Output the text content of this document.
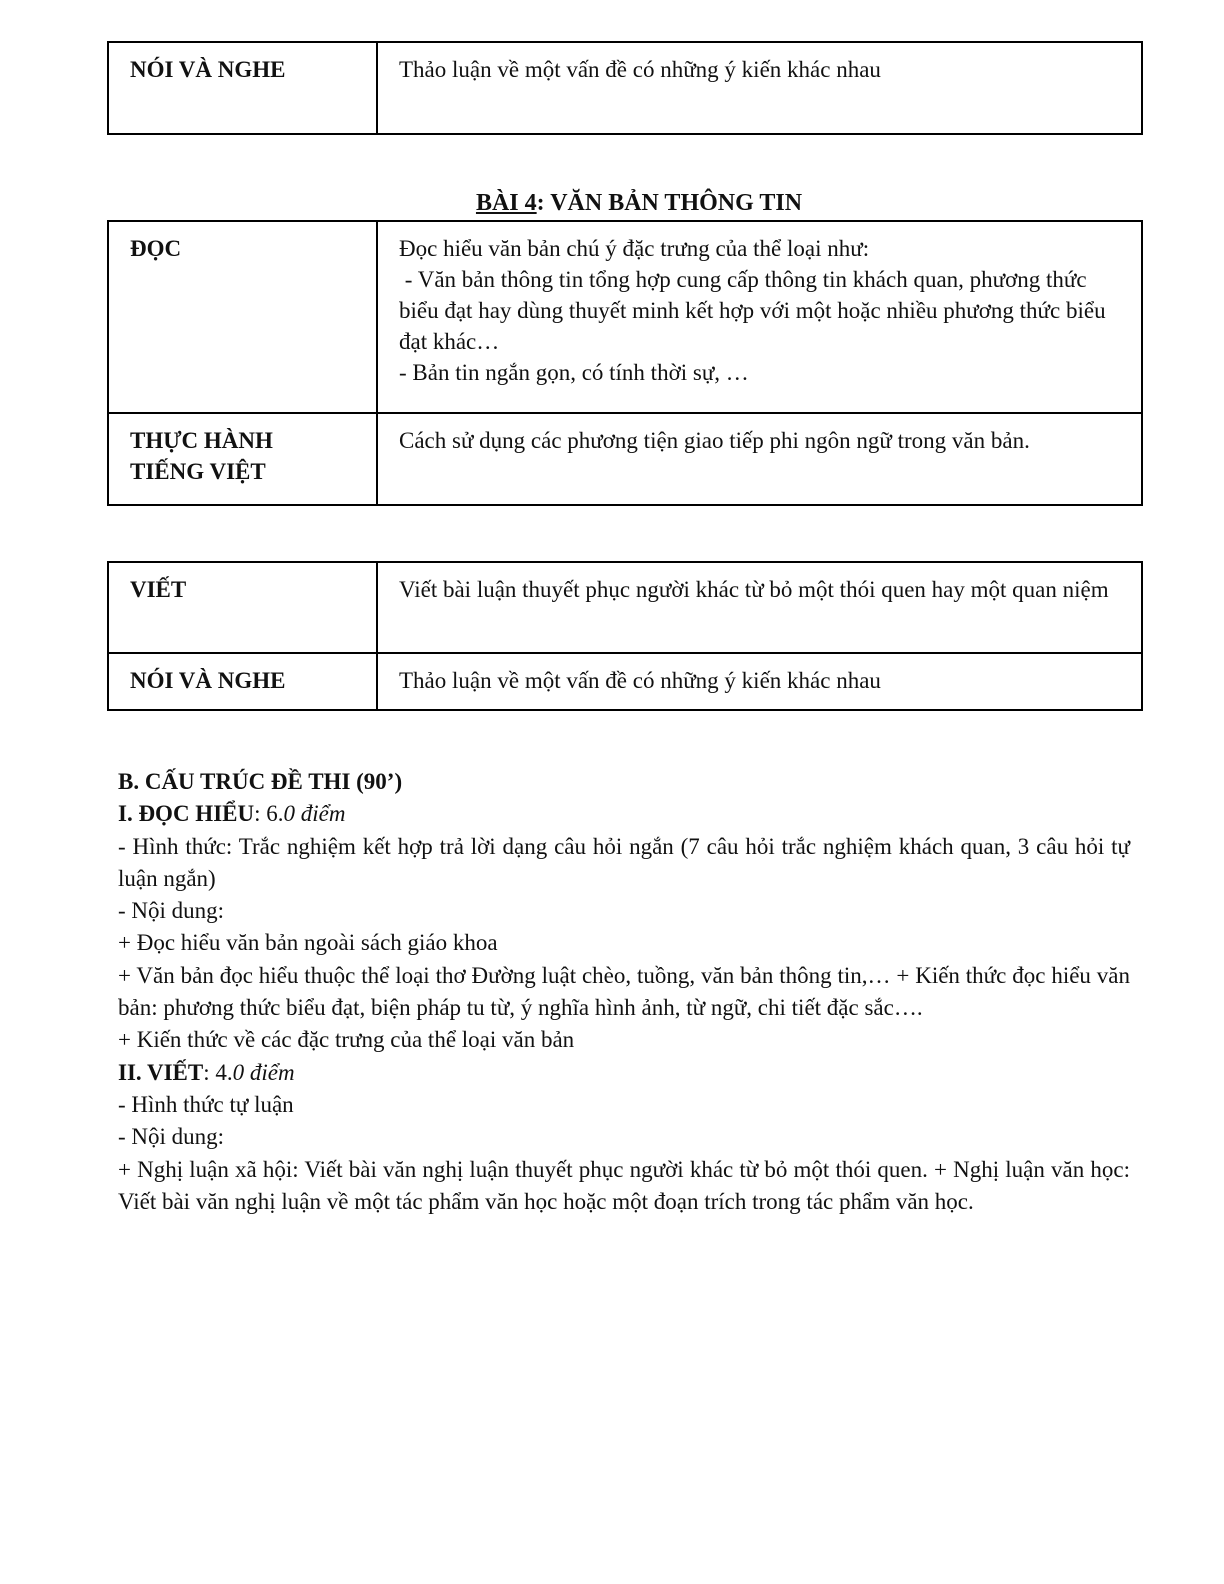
NÓI VÀ NGHE	Thảo luận về một vấn đề có những ý kiến khác nhau
BÀI 4: VĂN BẢN THÔNG TIN
ĐỌC	Đọc hiểu văn bản chú ý đặc trưng của thể loại như:
- Văn bản thông tin tổng hợp cung cấp thông tin khách quan, phương thức biểu đạt hay dùng thuyết minh kết hợp với một hoặc nhiều phương thức biểu đạt khác…
- Bản tin ngắn gọn, có tính thời sự, …

THỰC HÀNH
TIẾNG VIỆT	Cách sử dụng các phương tiện giao tiếp phi ngôn ngữ trong văn bản.
VIẾT	Viết bài luận thuyết phục người khác từ bỏ một thói quen hay một quan niệm
NÓI VÀ NGHE	Thảo luận về một vấn đề có những ý kiến khác nhau

B. CẤU TRÚC ĐỀ THI (90’)

I. ĐỌC HIỂU: 6.0 điểm

- Hình thức: Trắc nghiệm kết hợp trả lời dạng câu hỏi ngắn (7 câu hỏi trắc nghiệm khách quan, 3 câu hỏi tự luận ngắn)

- Nội dung:

+ Đọc hiểu văn bản ngoài sách giáo khoa

+ Văn bản đọc hiểu thuộc thể loại thơ Đường luật chèo, tuồng, văn bản thông tin,… + Kiến thức đọc hiểu văn bản: phương thức biểu đạt, biện pháp tu từ, ý nghĩa hình ảnh, từ ngữ, chi tiết đặc sắc….

+ Kiến thức về các đặc trưng của thể loại văn bản

II. VIẾT: 4.0 điểm

- Hình thức tự luận

- Nội dung:

+ Nghị luận xã hội: Viết bài văn nghị luận thuyết phục người khác từ bỏ một thói quen. + Nghị luận văn học: Viết bài văn nghị luận về một tác phẩm văn học hoặc một đoạn trích trong tác phẩm văn học.
